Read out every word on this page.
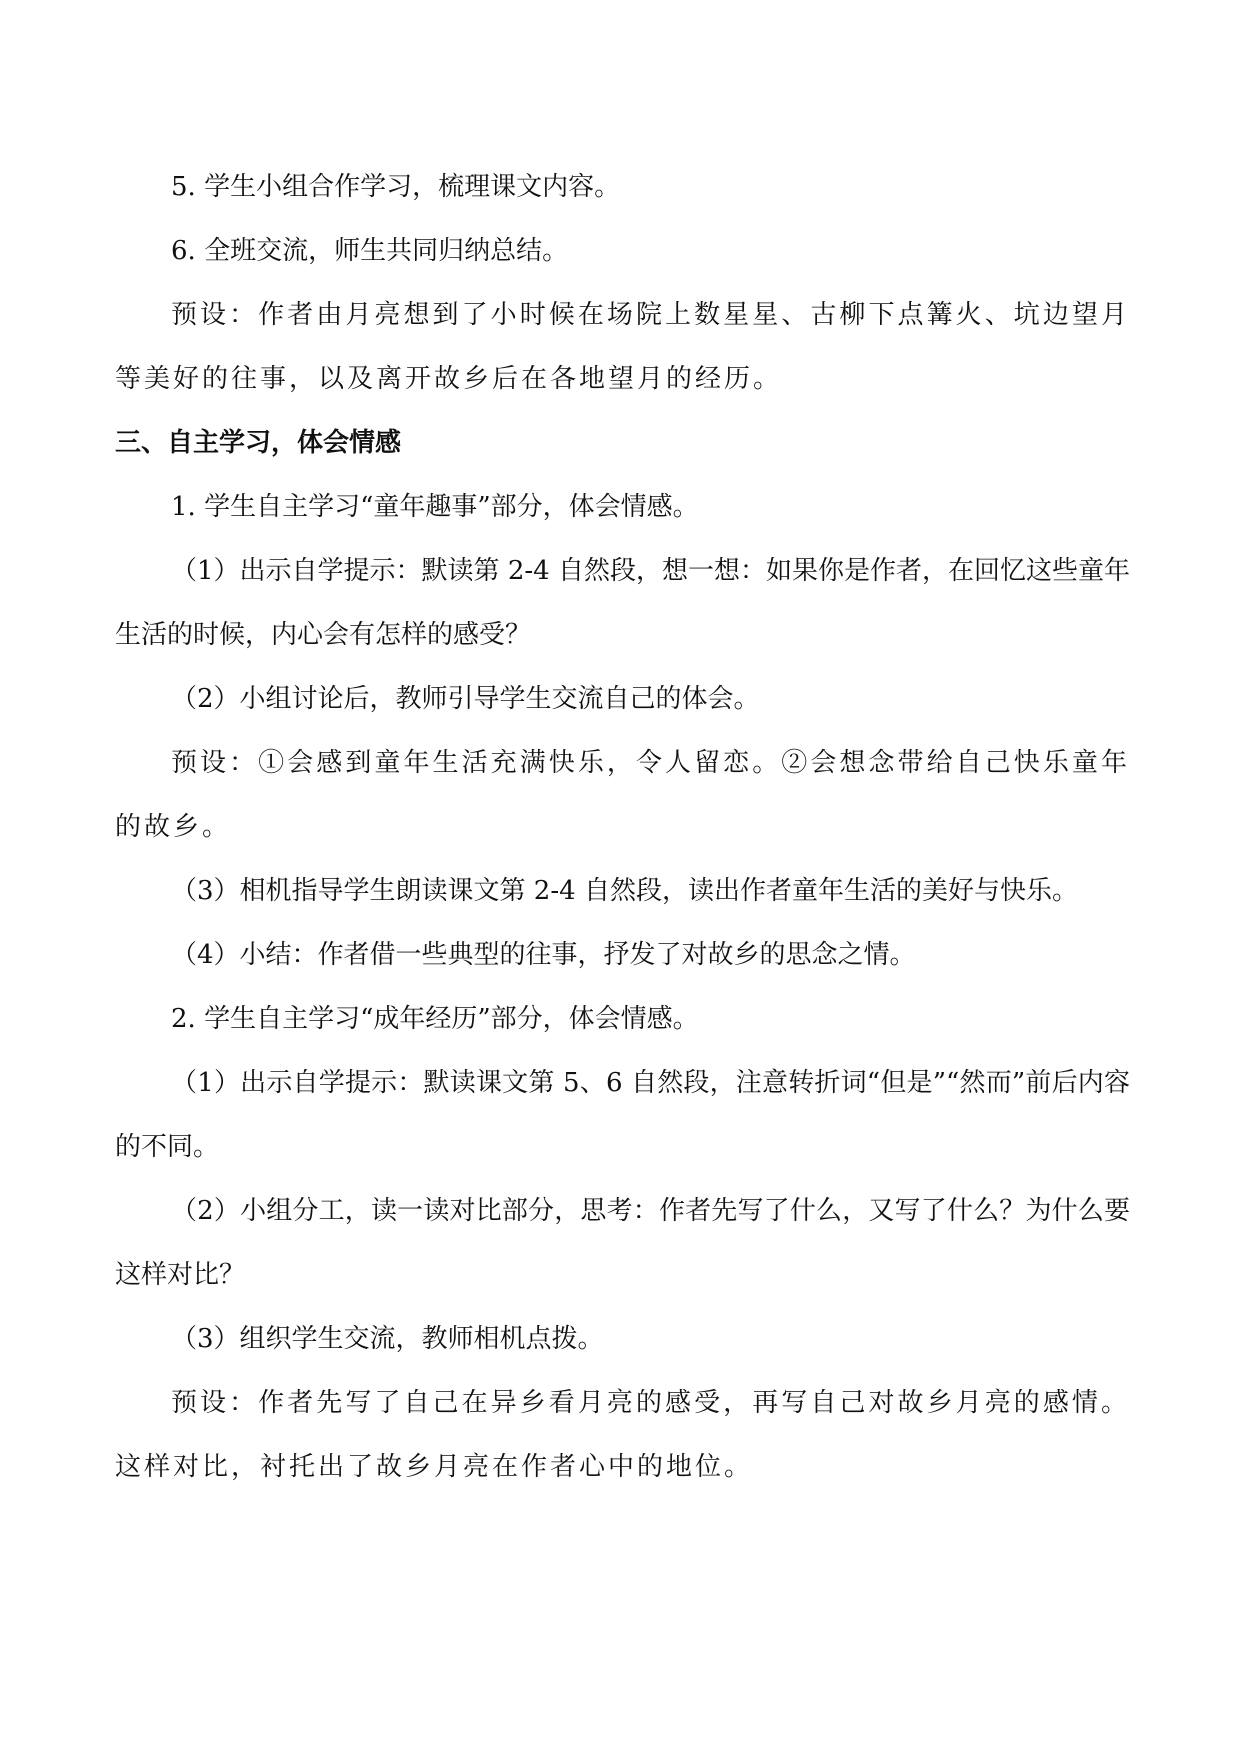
5. 学生小组合作学习，梳理课文内容。

6. 全班交流，师生共同归纳总结。

预设：作者由月亮想到了小时候在场院上数星星、古柳下点篝火、坑边望月等美好的往事，以及离开故乡后在各地望月的经历。

三、自主学习，体会情感

1. 学生自主学习“童年趣事”部分，体会情感。

（1）出示自学提示：默读第 2-4 自然段，想一想：如果你是作者，在回忆这些童年生活的时候，内心会有怎样的感受？

（2）小组讨论后，教师引导学生交流自己的体会。

预设：①会感到童年生活充满快乐，令人留恋。②会想念带给自己快乐童年的故乡。

（3）相机指导学生朗读课文第 2-4 自然段，读出作者童年生活的美好与快乐。

（4）小结：作者借一些典型的往事，抒发了对故乡的思念之情。

2. 学生自主学习“成年经历”部分，体会情感。

（1）出示自学提示：默读课文第 5、6 自然段，注意转折词“但是”“然而”前后内容的不同。

（2）小组分工，读一读对比部分，思考：作者先写了什么，又写了什么？为什么要这样对比？

（3）组织学生交流，教师相机点拨。

预设：作者先写了自己在异乡看月亮的感受，再写自己对故乡月亮的感情。这样对比，衬托出了故乡月亮在作者心中的地位。
